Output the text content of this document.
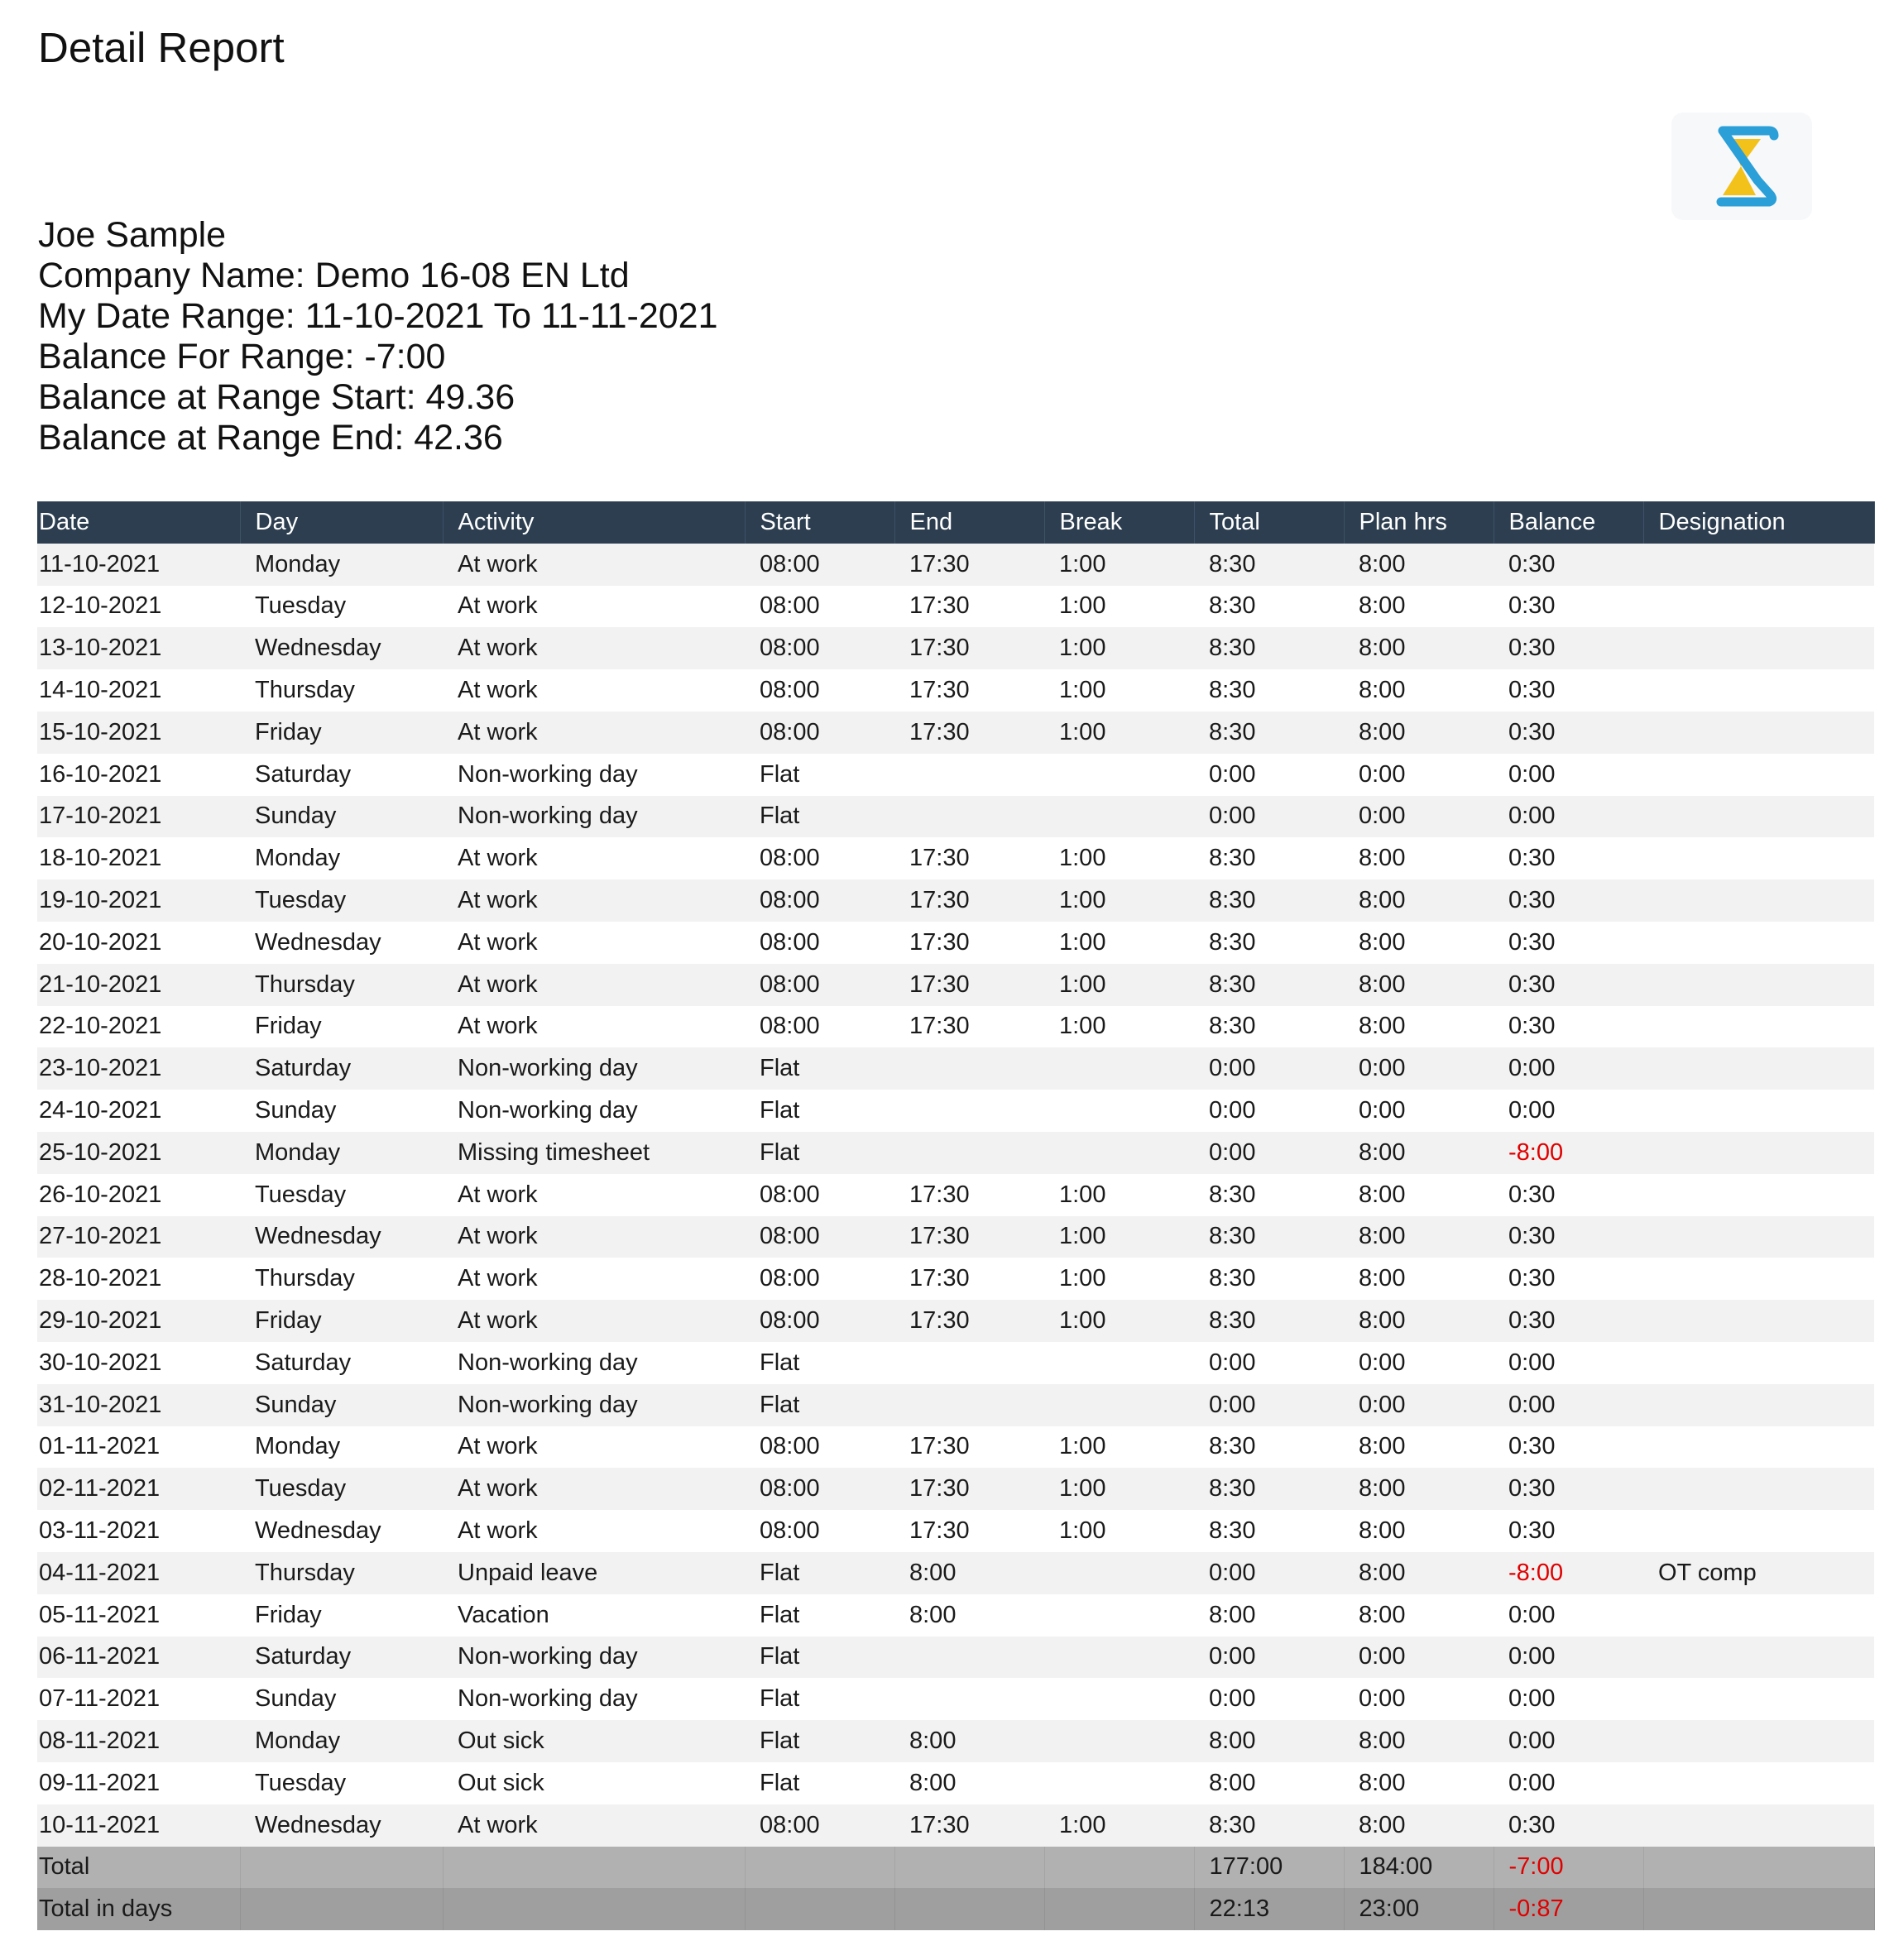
Detail Report
Joe Sample
Company Name: Demo 16-08 EN Ltd
My Date Range: 11-10-2021 To 11-11-2021
Balance For Range: -7:00
Balance at Range Start: 49.36
Balance at Range End: 42.36
Date	Day	Activity	Start	End	Break	Total	Plan hrs	Balance	Designation
11-10-2021	Monday	At work	08:00	17:30	1:00	8:30	8:00	0:30	
12-10-2021	Tuesday	At work	08:00	17:30	1:00	8:30	8:00	0:30	
13-10-2021	Wednesday	At work	08:00	17:30	1:00	8:30	8:00	0:30	
14-10-2021	Thursday	At work	08:00	17:30	1:00	8:30	8:00	0:30	
15-10-2021	Friday	At work	08:00	17:30	1:00	8:30	8:00	0:30	
16-10-2021	Saturday	Non-working day	Flat			0:00	0:00	0:00	
17-10-2021	Sunday	Non-working day	Flat			0:00	0:00	0:00	
18-10-2021	Monday	At work	08:00	17:30	1:00	8:30	8:00	0:30	
19-10-2021	Tuesday	At work	08:00	17:30	1:00	8:30	8:00	0:30	
20-10-2021	Wednesday	At work	08:00	17:30	1:00	8:30	8:00	0:30	
21-10-2021	Thursday	At work	08:00	17:30	1:00	8:30	8:00	0:30	
22-10-2021	Friday	At work	08:00	17:30	1:00	8:30	8:00	0:30	
23-10-2021	Saturday	Non-working day	Flat			0:00	0:00	0:00	
24-10-2021	Sunday	Non-working day	Flat			0:00	0:00	0:00	
25-10-2021	Monday	Missing timesheet	Flat			0:00	8:00	-8:00	
26-10-2021	Tuesday	At work	08:00	17:30	1:00	8:30	8:00	0:30	
27-10-2021	Wednesday	At work	08:00	17:30	1:00	8:30	8:00	0:30	
28-10-2021	Thursday	At work	08:00	17:30	1:00	8:30	8:00	0:30	
29-10-2021	Friday	At work	08:00	17:30	1:00	8:30	8:00	0:30	
30-10-2021	Saturday	Non-working day	Flat			0:00	0:00	0:00	
31-10-2021	Sunday	Non-working day	Flat			0:00	0:00	0:00	
01-11-2021	Monday	At work	08:00	17:30	1:00	8:30	8:00	0:30	
02-11-2021	Tuesday	At work	08:00	17:30	1:00	8:30	8:00	0:30	
03-11-2021	Wednesday	At work	08:00	17:30	1:00	8:30	8:00	0:30	
04-11-2021	Thursday	Unpaid leave	Flat	8:00		0:00	8:00	-8:00	OT comp
05-11-2021	Friday	Vacation	Flat	8:00		8:00	8:00	0:00	
06-11-2021	Saturday	Non-working day	Flat			0:00	0:00	0:00	
07-11-2021	Sunday	Non-working day	Flat			0:00	0:00	0:00	
08-11-2021	Monday	Out sick	Flat	8:00		8:00	8:00	0:00	
09-11-2021	Tuesday	Out sick	Flat	8:00		8:00	8:00	0:00	
10-11-2021	Wednesday	At work	08:00	17:30	1:00	8:30	8:00	0:30	
Total						177:00	184:00	-7:00	
Total in days						22:13	23:00	-0:87	
